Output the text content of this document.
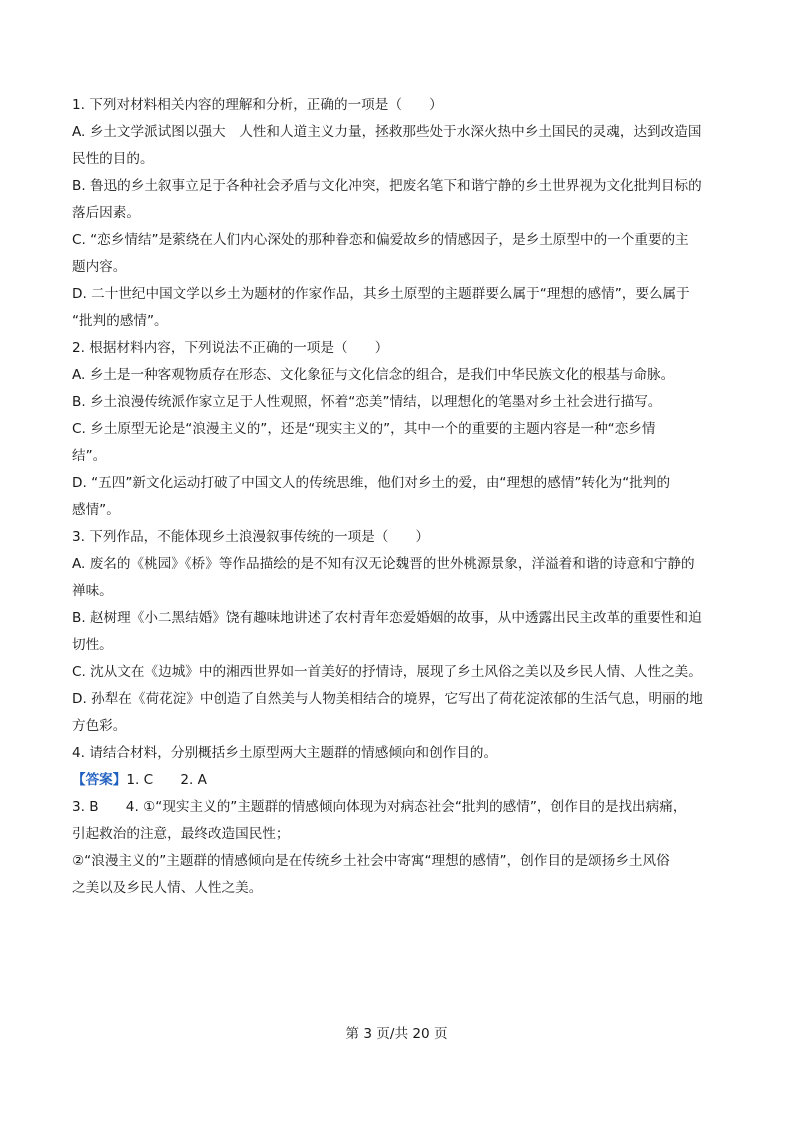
1. 下列对材料相关内容的理解和分析，正确的一项是（　　）
A. 乡土文学派试图以强大　人性和人道主义力量，拯救那些处于水深火热中乡土国民的灵魂，达到改造国
民性的目的。
B. 鲁迅的乡土叙事立足于各种社会矛盾与文化冲突，把废名笔下和谐宁静的乡土世界视为文化批判目标的
落后因素。
C. “恋乡情结”是萦绕在人们内心深处的那种眷恋和偏爱故乡的情感因子，是乡土原型中的一个重要的主
题内容。
D. 二十世纪中国文学以乡土为题材的作家作品，其乡土原型的主题群要么属于“理想的感情”，要么属于
“批判的感情”。
2. 根据材料内容，下列说法不正确的一项是（　　）
A. 乡土是一种客观物质存在形态、文化象征与文化信念的组合，是我们中华民族文化的根基与命脉。
B. 乡土浪漫传统派作家立足于人性观照，怀着“恋美”情结，以理想化的笔墨对乡土社会进行描写。
C. 乡土原型无论是“浪漫主义的”，还是“现实主义的”，其中一个的重要的主题内容是一种“恋乡情
结”。
D. “五四”新文化运动打破了中国文人的传统思维，他们对乡土的爱，由“理想的感情”转化为“批判的
感情”。
3. 下列作品，不能体现乡土浪漫叙事传统的一项是（　　）
A. 废名的《桃园》《桥》等作品描绘的是不知有汉无论魏晋的世外桃源景象，洋溢着和谐的诗意和宁静的
禅味。
B. 赵树理《小二黑结婚》饶有趣味地讲述了农村青年恋爱婚姻的故事，从中透露出民主改革的重要性和迫
切性。
C. 沈从文在《边城》中的湘西世界如一首美好的抒情诗，展现了乡土风俗之美以及乡民人情、人性之美。
D. 孙犁在《荷花淀》中创造了自然美与人物美相结合的境界，它写出了荷花淀浓郁的生活气息，明丽的地
方色彩。
4. 请结合材料，分别概括乡土原型两大主题群的情感倾向和创作目的。
【答案】1. C　　2. A
3. B　　4. ①“现实主义的”主题群的情感倾向体现为对病态社会“批判的感情”，创作目的是找出病痛，
引起救治的注意，最终改造国民性；
②“浪漫主义的”主题群的情感倾向是在传统乡土社会中寄寓“理想的感情”，创作目的是颂扬乡土风俗
之美以及乡民人情、人性之美。
第 3 页/共 20 页
